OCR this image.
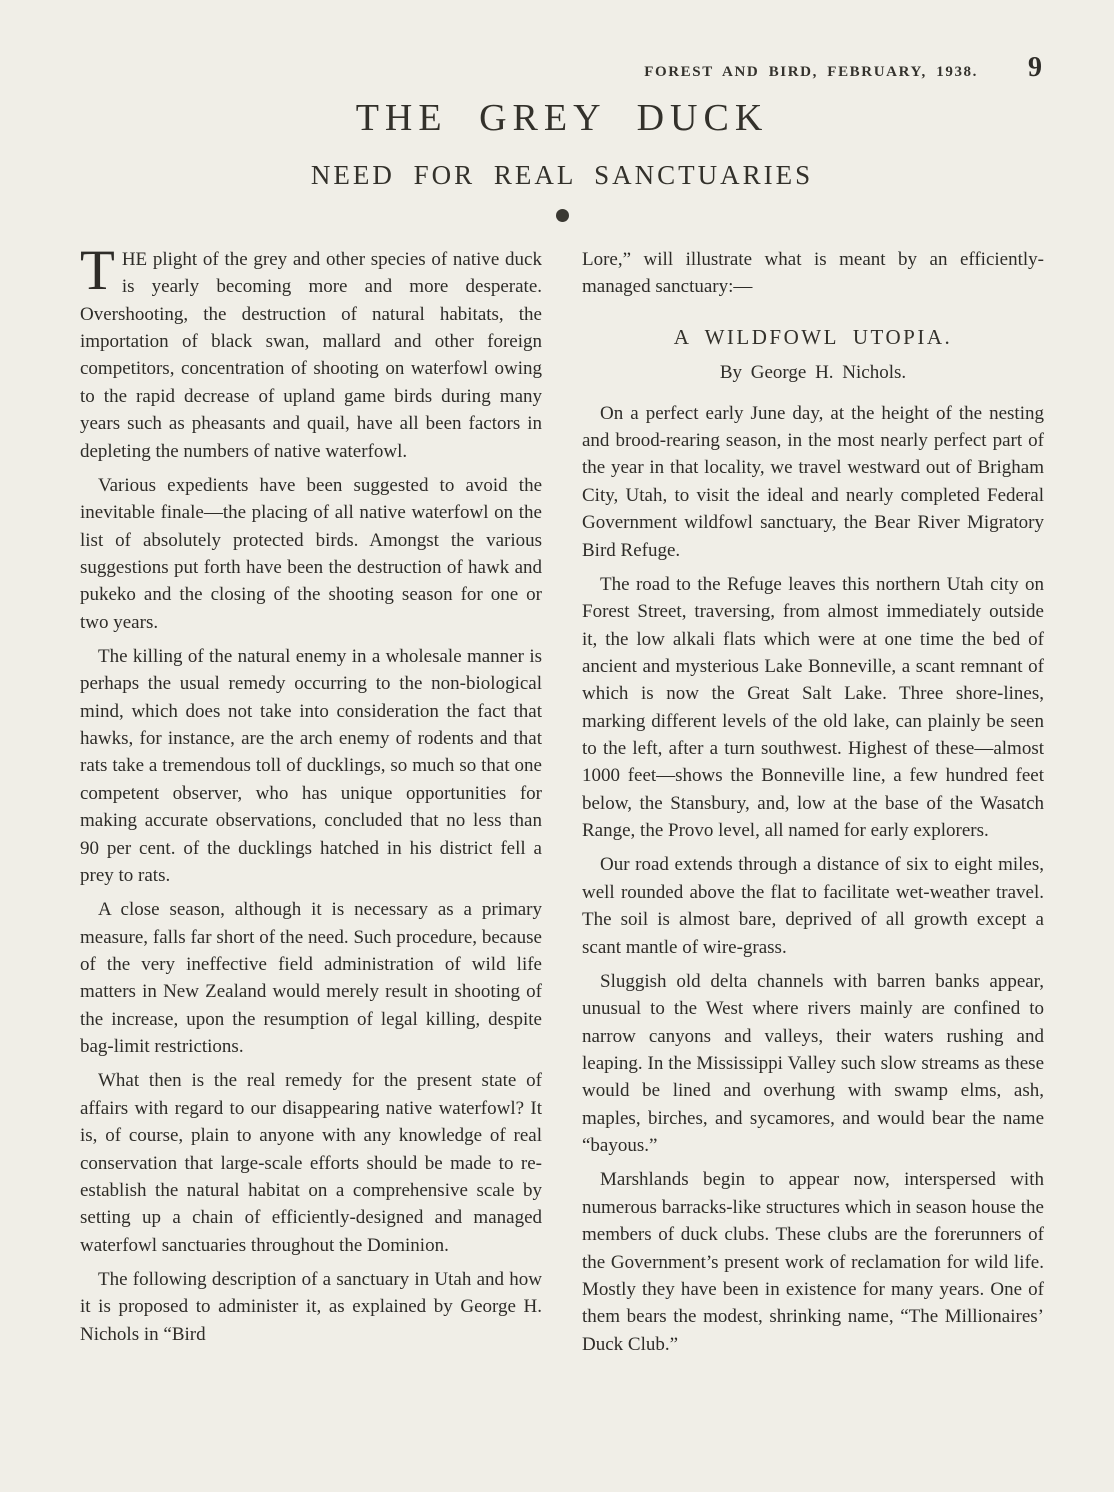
FOREST AND BIRD, FEBRUARY, 1938. 9
THE GREY DUCK
NEED FOR REAL SANCTUARIES

THE plight of the grey and other species of native duck is yearly becoming more and more desperate. Overshooting, the destruction of natural habitats, the importation of black swan, mallard and other foreign competitors, concentration of shooting on waterfowl owing to the rapid decrease of upland game birds during many years such as pheasants and quail, have all been factors in depleting the numbers of native waterfowl.

Various expedients have been suggested to avoid the inevitable finale—the placing of all native waterfowl on the list of absolutely protected birds. Amongst the various suggestions put forth have been the destruction of hawk and pukeko and the closing of the shooting season for one or two years.

The killing of the natural enemy in a wholesale manner is perhaps the usual remedy occurring to the non-biological mind, which does not take into consideration the fact that hawks, for instance, are the arch enemy of rodents and that rats take a tremendous toll of ducklings, so much so that one competent observer, who has unique opportunities for making accurate observations, concluded that no less than 90 per cent. of the ducklings hatched in his district fell a prey to rats.

A close season, although it is necessary as a primary measure, falls far short of the need. Such procedure, because of the very ineffective field administration of wild life matters in New Zealand would merely result in shooting of the increase, upon the resumption of legal killing, despite bag-limit restrictions.

What then is the real remedy for the present state of affairs with regard to our disappearing native waterfowl? It is, of course, plain to anyone with any knowledge of real conservation that large-scale efforts should be made to re-establish the natural habitat on a comprehensive scale by setting up a chain of efficiently-designed and managed waterfowl sanctuaries throughout the Dominion.

The following description of a sanctuary in Utah and how it is proposed to administer it, as explained by George H. Nichols in “Bird

Lore,” will illustrate what is meant by an efficiently-managed sanctuary:—

A WILDFOWL UTOPIA.
By George H. Nichols.

On a perfect early June day, at the height of the nesting and brood-rearing season, in the most nearly perfect part of the year in that locality, we travel westward out of Brigham City, Utah, to visit the ideal and nearly completed Federal Government wildfowl sanctuary, the Bear River Migratory Bird Refuge.

The road to the Refuge leaves this northern Utah city on Forest Street, traversing, from almost immediately outside it, the low alkali flats which were at one time the bed of ancient and mysterious Lake Bonneville, a scant remnant of which is now the Great Salt Lake. Three shore-lines, marking different levels of the old lake, can plainly be seen to the left, after a turn southwest. Highest of these—almost 1000 feet—shows the Bonneville line, a few hundred feet below, the Stansbury, and, low at the base of the Wasatch Range, the Provo level, all named for early explorers.

Our road extends through a distance of six to eight miles, well rounded above the flat to facilitate wet-weather travel. The soil is almost bare, deprived of all growth except a scant mantle of wire-grass.

Sluggish old delta channels with barren banks appear, unusual to the West where rivers mainly are confined to narrow canyons and valleys, their waters rushing and leaping. In the Mississippi Valley such slow streams as these would be lined and overhung with swamp elms, ash, maples, birches, and sycamores, and would bear the name “bayous.”

Marshlands begin to appear now, interspersed with numerous barracks-like structures which in season house the members of duck clubs. These clubs are the forerunners of the Government’s present work of reclamation for wild life. Mostly they have been in existence for many years. One of them bears the modest, shrinking name, “The Millionaires’ Duck Club.”
